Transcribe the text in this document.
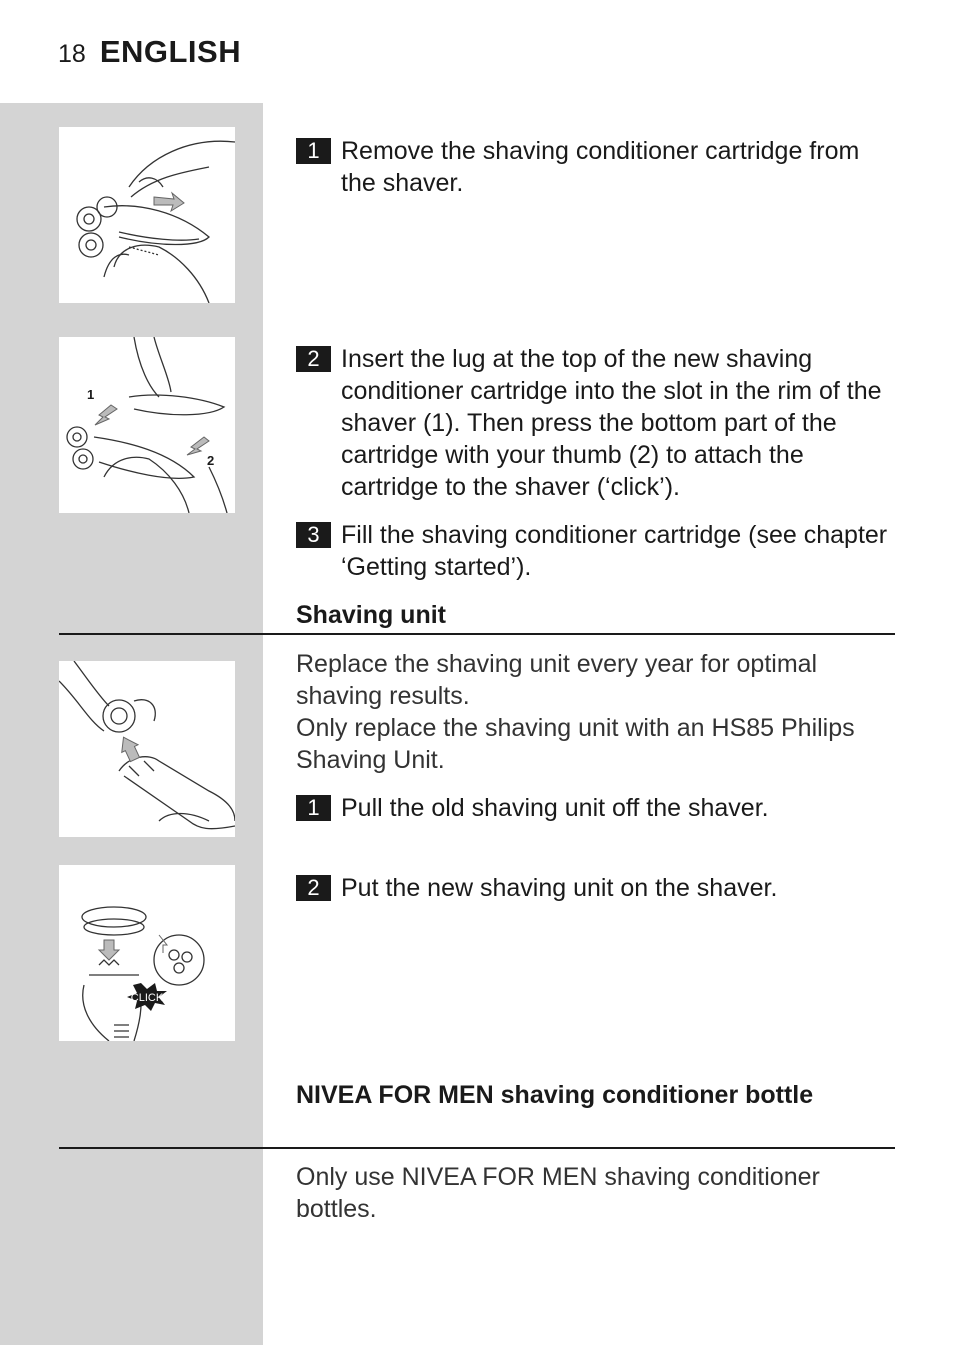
18 ENGLISH
1
2
CLICK
1 Remove the shaving conditioner cartridge from the shaver.
2 Insert the lug at the top of the new shaving conditioner cartridge into the slot in the rim of the shaver (1). Then press the bottom part of the cartridge with your thumb (2) to attach the cartridge to the shaver (‘click’).
3 Fill the shaving conditioner cartridge (see chapter ‘Getting started’).
Shaving unit

Replace the shaving unit every year for optimal shaving results.

Only replace the shaving unit with an HS85 Philips Shaving Unit.

1 Pull the old shaving unit off the shaver.
2 Put the new shaving unit on the shaver.
NIVEA FOR MEN shaving conditioner bottle
Only use NIVEA FOR MEN shaving conditioner bottles.
